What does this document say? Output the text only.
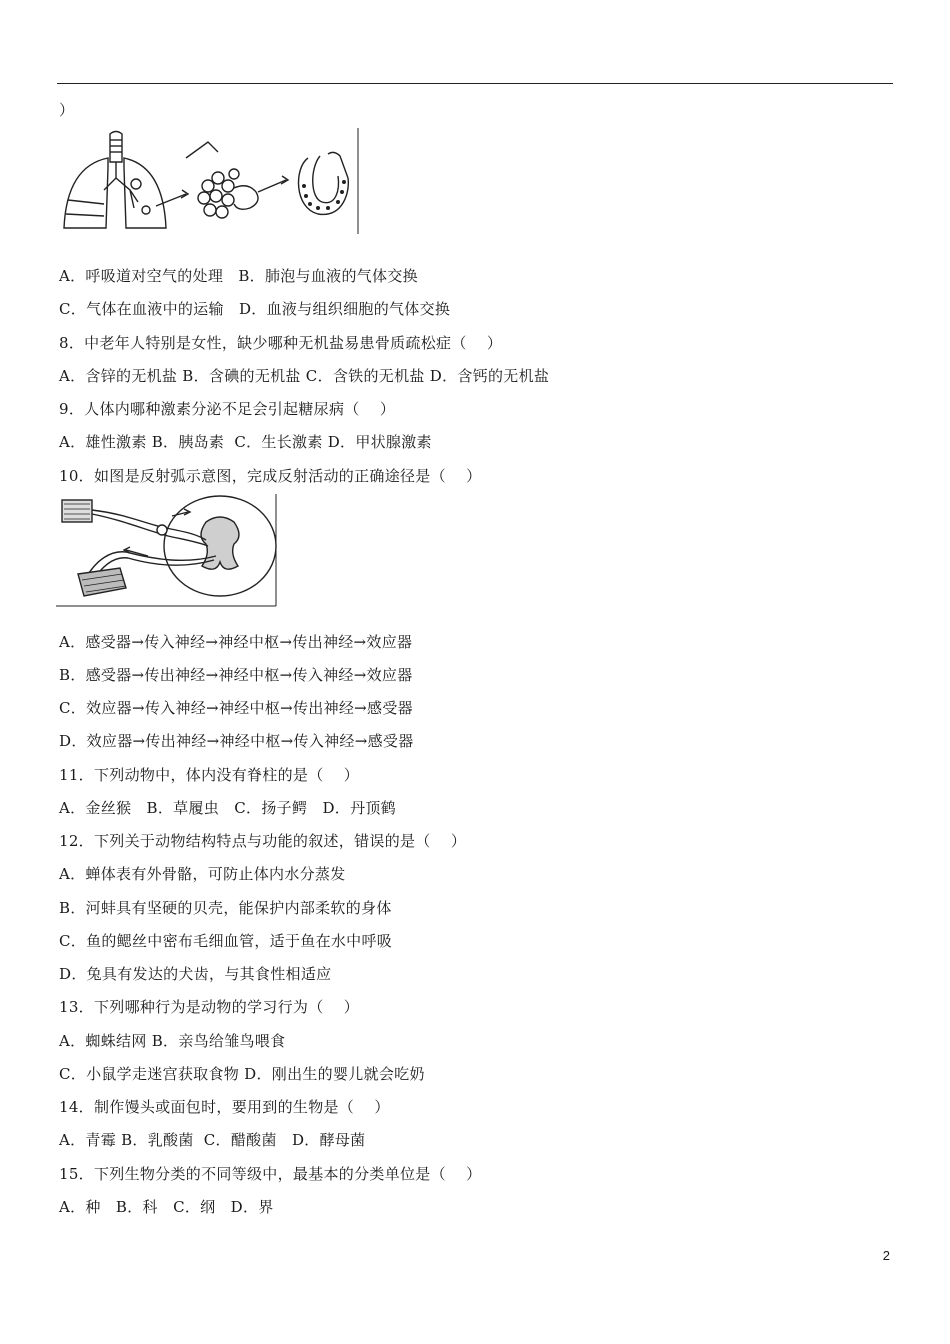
）
A．呼吸道对空气的处理   B．肺泡与血液的气体交换
C．气体在血液中的运输   D．血液与组织细胞的气体交换
8．中老年人特别是女性，缺少哪种无机盐易患骨质疏松症（    ）
A．含锌的无机盐 B．含碘的无机盐 C．含铁的无机盐 D．含钙的无机盐
9．人体内哪种激素分泌不足会引起糖尿病（    ）
A．雄性激素 B．胰岛素  C．生长激素 D．甲状腺激素
10．如图是反射弧示意图，完成反射活动的正确途径是（    ）
A．感受器→传入神经→神经中枢→传出神经→效应器
B．感受器→传出神经→神经中枢→传入神经→效应器
C．效应器→传入神经→神经中枢→传出神经→感受器
D．效应器→传出神经→神经中枢→传入神经→感受器
11．下列动物中，体内没有脊柱的是（    ）
A．金丝猴   B．草履虫   C．扬子鳄   D．丹顶鹤
12．下列关于动物结构特点与功能的叙述，错误的是（    ）
A．蝉体表有外骨骼，可防止体内水分蒸发
B．河蚌具有坚硬的贝壳，能保护内部柔软的身体
C．鱼的鳃丝中密布毛细血管，适于鱼在水中呼吸
D．兔具有发达的犬齿，与其食性相适应
13．下列哪种行为是动物的学习行为（    ）
A．蜘蛛结网 B．亲鸟给雏鸟喂食
C．小鼠学走迷宫获取食物 D．刚出生的婴儿就会吃奶
14．制作馒头或面包时，要用到的生物是（    ）
A．青霉 B．乳酸菌  C．醋酸菌   D．酵母菌
15．下列生物分类的不同等级中，最基本的分类单位是（    ）
A．种   B．科   C．纲   D．界
2
